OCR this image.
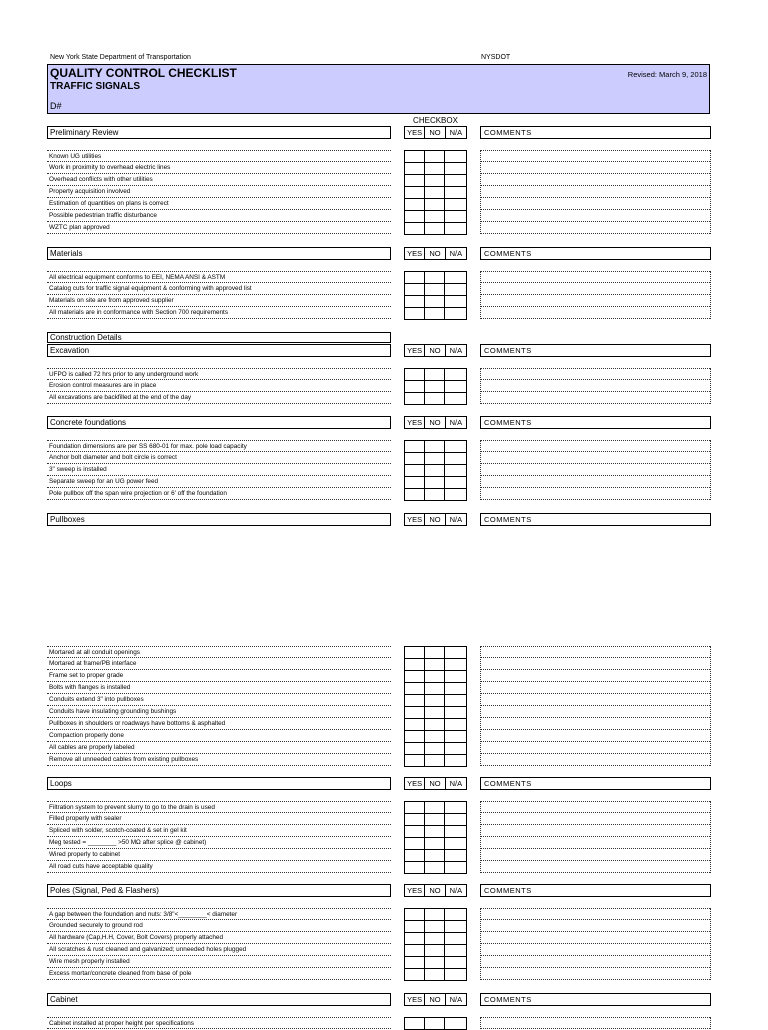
New York State Department of Transportation	NYSDOT
QUALITY CONTROL CHECKLIST
TRAFFIC SIGNALS
D#
Revised: March 9, 2018
CHECKBOX
Preliminary Review	YES NO	N/A	COMMENTS
Known UG utilities
Work in proximity to overhead electric lines
Overhead conflicts with other utilities
Property acquisition involved
Estimation of quantities on plans is correct
Possible pedestrian traffic disturbance
WZTC plan approved
Materials	YES NO	N/A	COMMENTS
All electrical equipment conforms to EEI, NEMA ANSI & ASTM
Catalog cuts for traffic signal equipment & conforming with approved list
Materials on site are from approved supplier
All materials are in conformance with Section 700 requirements
Construction Details
Excavation	YES NO	N/A	COMMENTS
UFPO is called 72 hrs prior to any underground work
Erosion control measures are in place
All excavations are backfilled at the end of the day
Concrete foundations	YES NO	N/A	COMMENTS
Foundation dimensions are per SS 680-01 for max. pole load capacity
Anchor bolt diameter and bolt circle is correct
3" sweep is installed
Separate sweep for an UG power feed
Pole pullbox off the span wire projection or 6' off the foundation
Pullboxes	YES NO	N/A	COMMENTS
Mortared at all conduit openings
Mortared at frame/PB interface
Frame set to proper grade
Bolts with flanges is installed
Conduits extend 3" into pullboxes
Conduits have insulating grounding bushings
Pullboxes in shoulders or roadways have bottoms & asphalted
Compaction properly done
All cables are properly labeled
Remove all unneeded cables from existing pullboxes
Loops	YES NO	N/A	COMMENTS
Filtration system to prevent slurry to go to the drain is used
Filled properly with sealer
Spliced with solder, scotch-coated & set in gel kit
Meg tested = ________ >50 MΩ after splice @ cabinet)
Wired properly to cabinet
All road cuts have acceptable quality
Poles (Signal, Ped & Flashers)	YES NO	N/A	COMMENTS
A gap between the foundation and nuts: 3/8"<________< diameter
Grounded securely to ground rod
All hardware (Cap,H.H, Cover, Bolt Covers) properly attached
All scratches & rust cleaned and galvanized; unneeded holes plugged
Wire mesh properly installed
Excess mortar/concrete cleaned from base of pole
Cabinet	YES NO	N/A	COMMENTS
Cabinet installed at proper height per specifications
